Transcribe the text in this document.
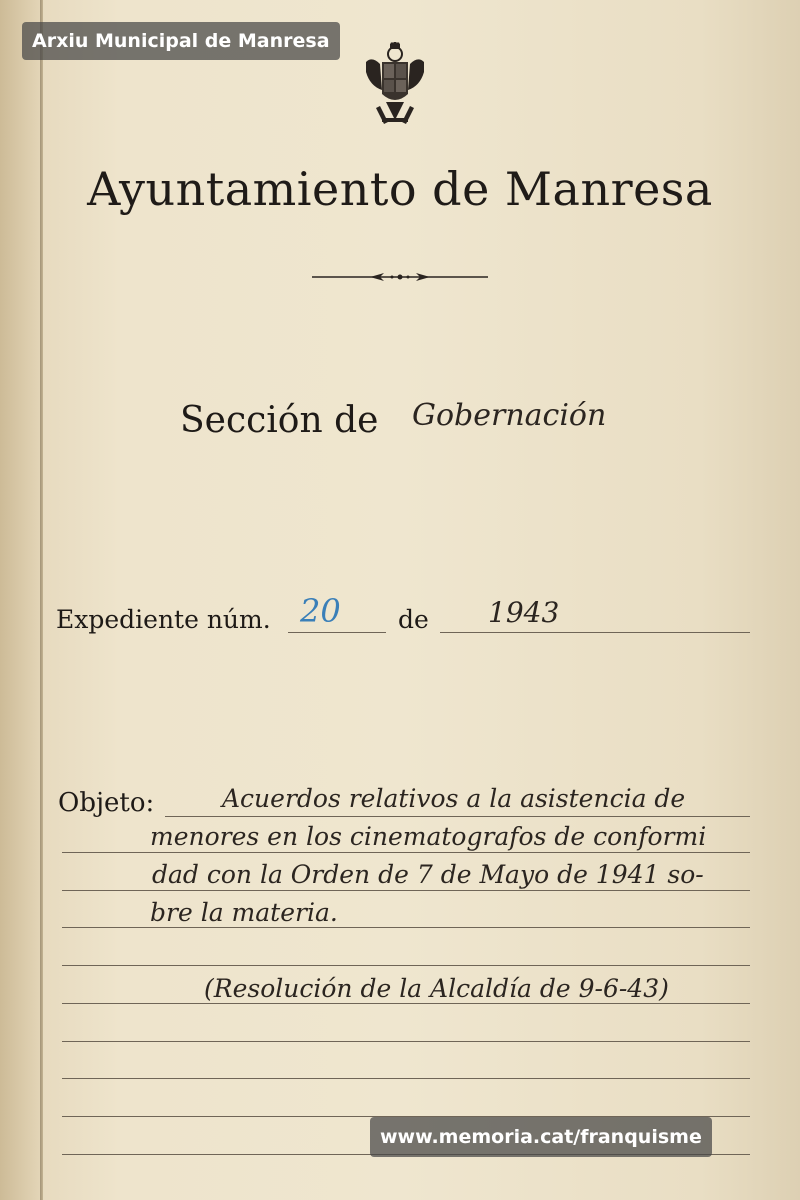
Arxiu Municipal de Manresa
Ayuntamiento de Manresa
Sección de Gobernación
Expediente núm. 20 de 1943
Objeto:	Acuerdos relativos a la asistencia de
menores en los cinematografos de conformi
dad con la Orden de 7 de Mayo de 1941 so-
bre la materia.
(Resolución de la Alcaldía de 9-6-43)
www.memoria.cat/franquisme
